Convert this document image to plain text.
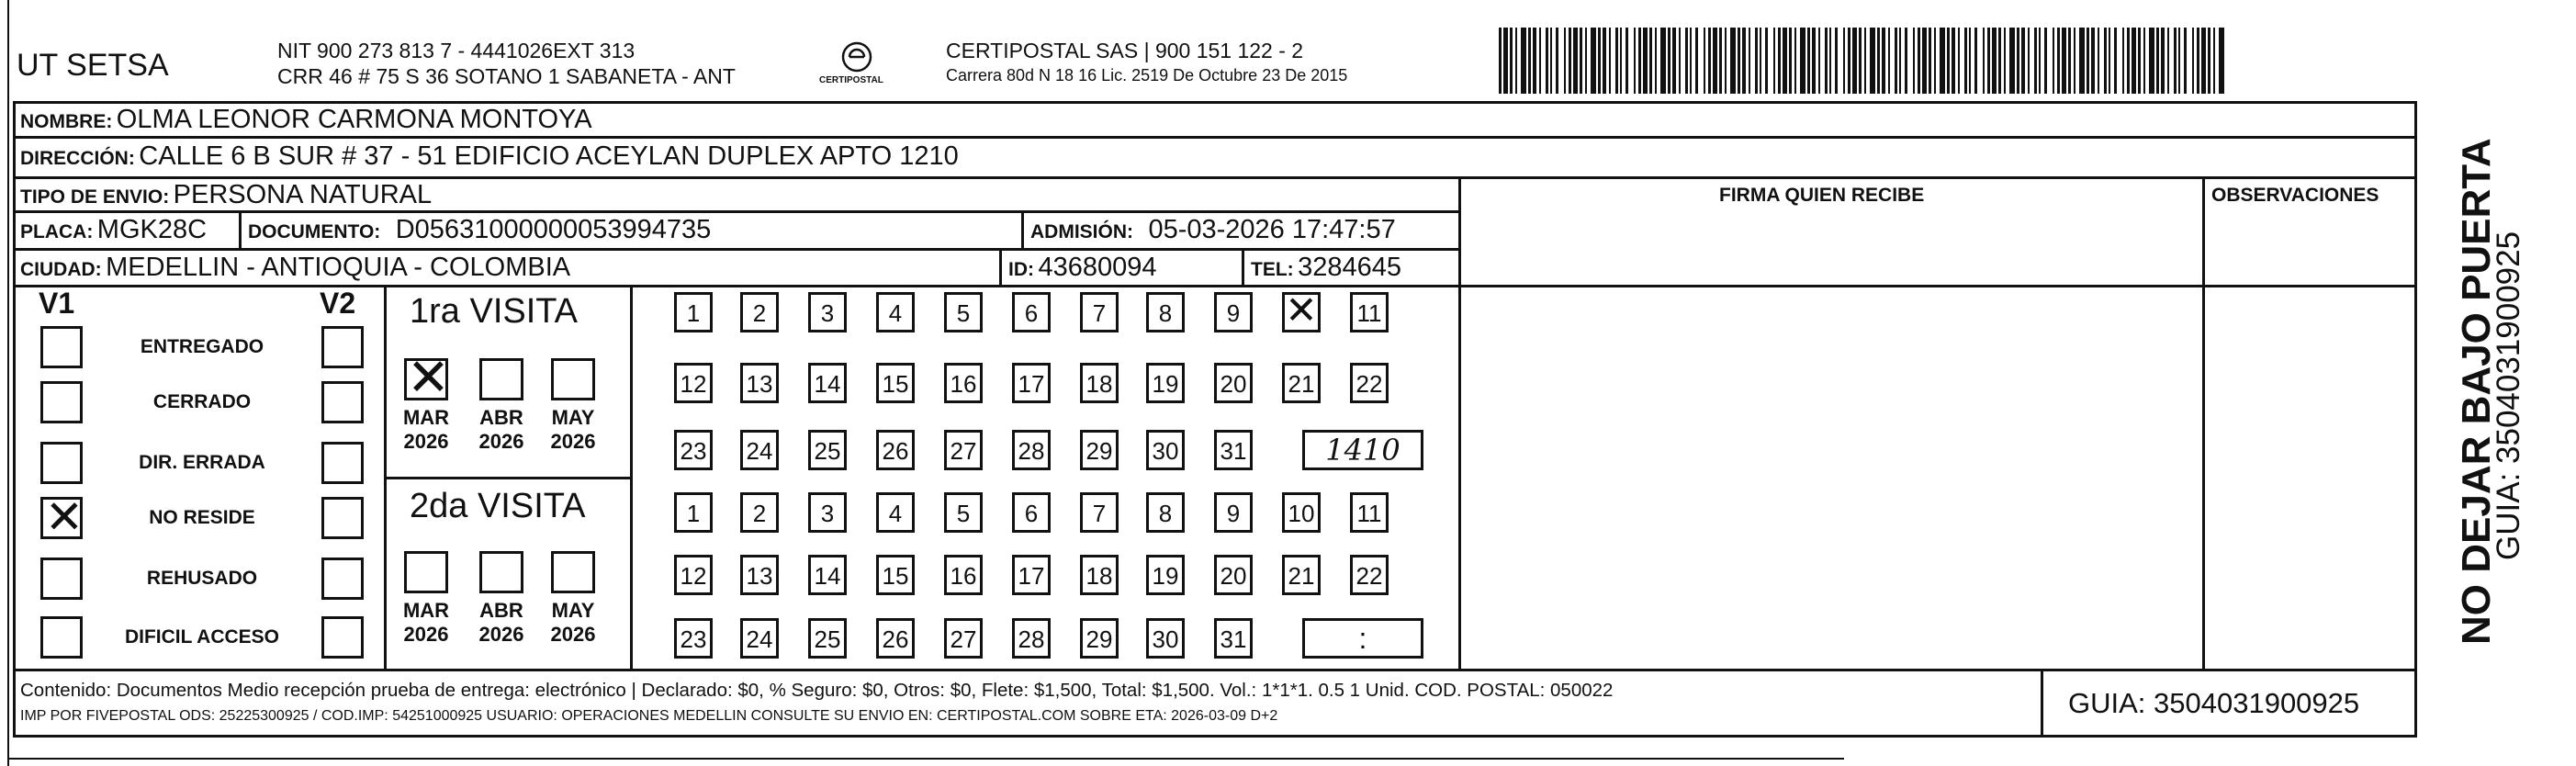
UT SETSA	NIT 900 273 813 7 - 4441026EXT 313
CRR 46 # 75 S 36 SOTANO 1 SABANETA - ANT	CERTIPOSTAL
CERTIPOSTAL SAS | 900 151 122 - 2
Carrera 80d N 18 16 Lic. 2519 De Octubre 23 De 2015
NOMBRE: OLMA LEONOR CARMONA MONTOYA
DIRECCIÓN: CALLE 6 B SUR # 37 - 51 EDIFICIO ACEYLAN DUPLEX APTO 1210
TIPO DE ENVIO: PERSONA NATURAL	FIRMA QUIEN RECIBE	OBSERVACIONES
PLACA: MGK28C DOCUMENTO: D05631000000053994735	ADMISIÓN: 05-03-2026 17:47:57
CIUDAD: MEDELLIN - ANTIOQUIA - COLOMBIA	ID: 43680094	TEL: 3284645
V1	V2
ENTREGADO
CERRADO
DIR. ERRADA
✕
NO RESIDE
REHUSADO
DIFICIL ACCESO
1ra VISITA
2da VISITA
✕
MAR
2026
ABR
2026
MAY
2026
MAR
2026
ABR
2026
MAY
2026
1	2	3	4	5	6	7	8	9
✕	11
12 13 14 15 16 17 18 19 20 21 22
23 24 25 26 27 28 29 30 31	1410
1	2	3	4	5	6	7	8	9	10 11
12 13 14 15 16 17 18 19 20 21 22
23 24 25 26 27 28 29 30 31	:
Contenido: Documentos Medio recepción prueba de entrega: electrónico | Declarado: $0, % Seguro: $0, Otros: $0, Flete: $1,500, Total: $1,500. Vol.: 1*1*1. 0.5 1 Unid. COD. POSTAL: 050022
IMP POR FIVEPOSTAL ODS: 25225300925 / COD.IMP: 54251000925 USUARIO: OPERACIONES MEDELLIN CONSULTE SU ENVIO EN: CERTIPOSTAL.COM SOBRE ETA: 2026-03-09 D+2	GUIA: 3504031900925
NO DEJAR BAJO PUERTA
GUIA: 3504031900925
